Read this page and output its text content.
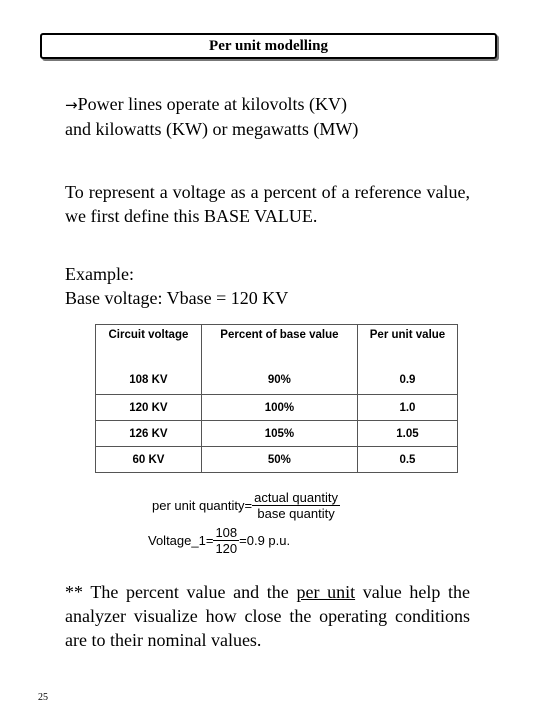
Per unit modelling
→Power lines operate at kilovolts (KV)
and kilowatts (KW) or megawatts (MW)
To represent a voltage as a percent of a reference value, we first define this BASE VALUE.
Example:
Base voltage: Vbase = 120 KV
Circuit voltage	Percent of base value	Per unit value
108 KV	90%	0.9
120 KV	100%	1.0
126 KV	105%	1.05
60 KV	50%	0.5
per unit quantity= $\frac{\text{actual quantity}}{\text{base quantity}}$
Voltage_1= $\frac{108}{120} =0.9$ p.u.
** The percent value and the per unit value help the analyzer visualize how close the operating conditions are to their nominal values.
25
